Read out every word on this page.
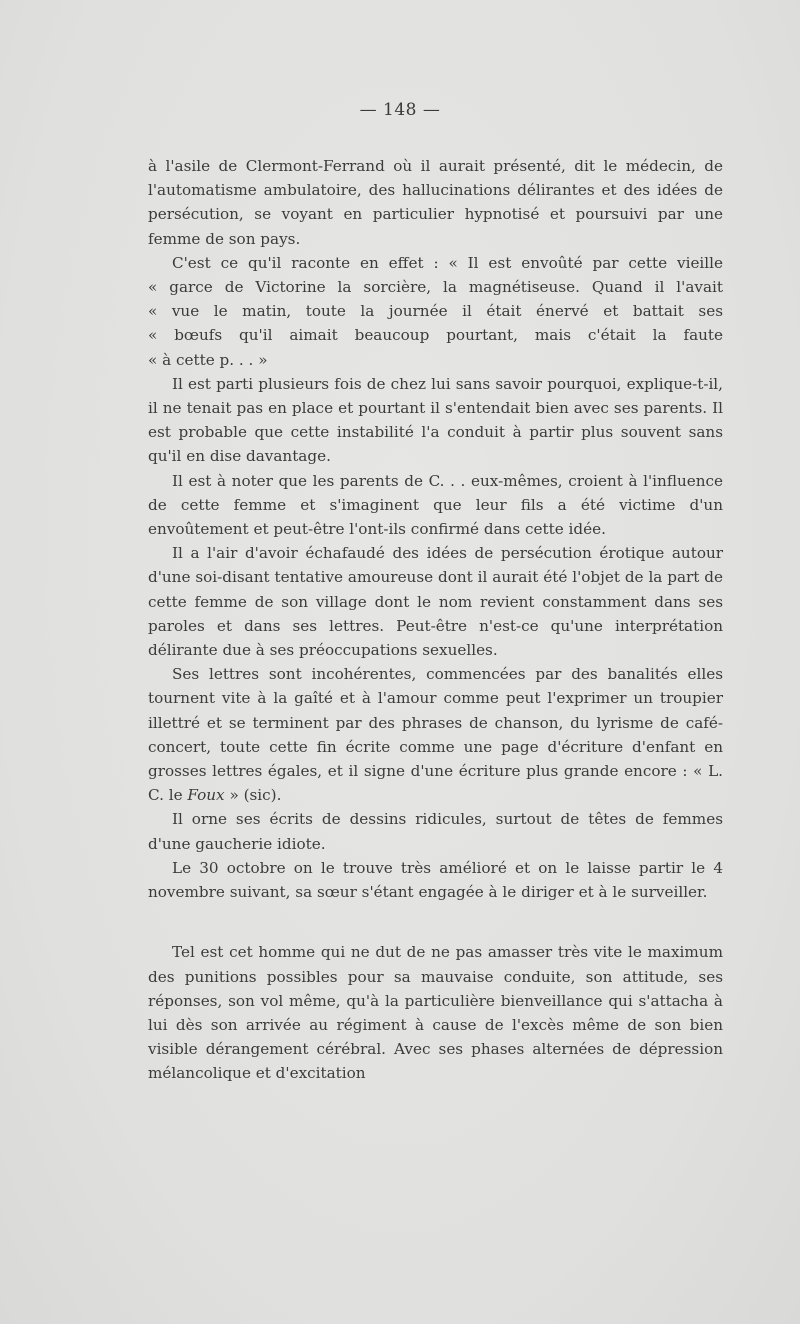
— 148 —

à l'asile de Clermont-Ferrand où il aurait présenté, dit le médecin, de l'automatisme ambulatoire, des hallucinations délirantes et des idées de persécution, se voyant en particulier hypnotisé et poursuivi par une femme de son pays.

C'est ce qu'il raconte en effet : « Il est envoûté par cette vieille

« garce de Victorine la sorcière, la magnétiseuse. Quand il l'avait

« vue le matin, toute la journée il était énervé et battait ses

« bœufs qu'il aimait beaucoup pourtant, mais c'était la faute

« à cette p. . . »

Il est parti plusieurs fois de chez lui sans savoir pourquoi, explique-t-il, il ne tenait pas en place et pourtant il s'entendait bien avec ses parents. Il est probable que cette instabilité l'a conduit à partir plus souvent sans qu'il en dise davantage.

Il est à noter que les parents de C. . . eux-mêmes, croient à l'influence de cette femme et s'imaginent que leur fils a été victime d'un envoûtement et peut-être l'ont-ils confirmé dans cette idée.

Il a l'air d'avoir échafaudé des idées de persécution érotique autour d'une soi-disant tentative amoureuse dont il aurait été l'objet de la part de cette femme de son village dont le nom revient constamment dans ses paroles et dans ses lettres. Peut-être n'est-ce qu'une interprétation délirante due à ses préoccupations sexuelles.

Ses lettres sont incohérentes, commencées par des banalités elles tournent vite à la gaîté et à l'amour comme peut l'exprimer un troupier illettré et se terminent par des phrases de chanson, du lyrisme de café-concert, toute cette fin écrite comme une page d'écriture d'enfant en grosses lettres égales, et il signe d'une écriture plus grande encore : « L. C. le Foux » (sic).

Il orne ses écrits de dessins ridicules, surtout de têtes de femmes d'une gaucherie idiote.

Le 30 octobre on le trouve très amélioré et on le laisse partir le 4 novembre suivant, sa sœur s'étant engagée à le diriger et à le surveiller.

Tel est cet homme qui ne dut de ne pas amasser très vite le maximum des punitions possibles pour sa mauvaise conduite, son attitude, ses réponses, son vol même, qu'à la particulière bienveillance qui s'attacha à lui dès son arrivée au régiment à cause de l'excès même de son bien visible dérangement cérébral. Avec ses phases alternées de dépression mélancolique et d'excitation
